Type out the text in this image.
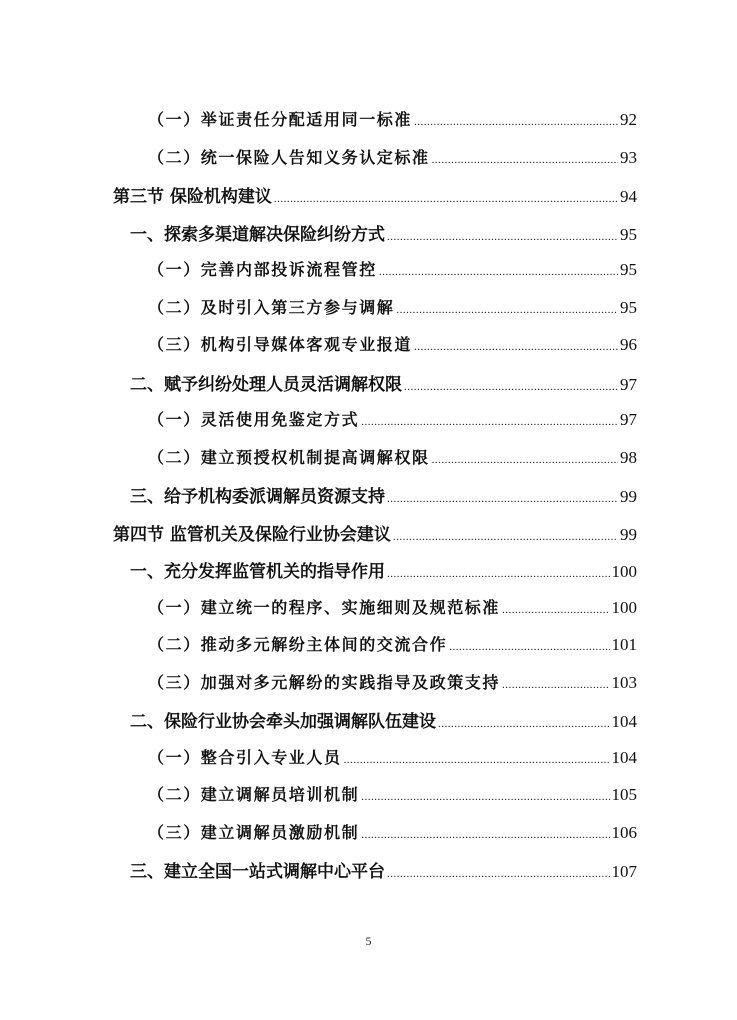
（一）举证责任分配适用同一标准 .....	92
（二）统一保险人告知义务认定标准 .....	93
第三节 保险机构建议 .....	94
一、探索多渠道解决保险纠纷方式 .....	95
（一）完善内部投诉流程管控 .....	95
（二）及时引入第三方参与调解 .....	95
（三）机构引导媒体客观专业报道 .....	96
二、赋予纠纷处理人员灵活调解权限 .....	97
（一）灵活使用免鉴定方式 .....	97
（二）建立预授权机制提高调解权限 .....	98
三、给予机构委派调解员资源支持 .....	99
第四节 监管机关及保险行业协会建议 .....	99
一、充分发挥监管机关的指导作用 .....	100
（一）建立统一的程序、实施细则及规范标准 .....	100
（二）推动多元解纷主体间的交流合作 .....	101
（三）加强对多元解纷的实践指导及政策支持 .....	103
二、保险行业协会牵头加强调解队伍建设 .....	104
（一）整合引入专业人员 .....	104
（二）建立调解员培训机制 .....	105
（三）建立调解员激励机制 .....	106
三、建立全国一站式调解中心平台 .....	107
5
